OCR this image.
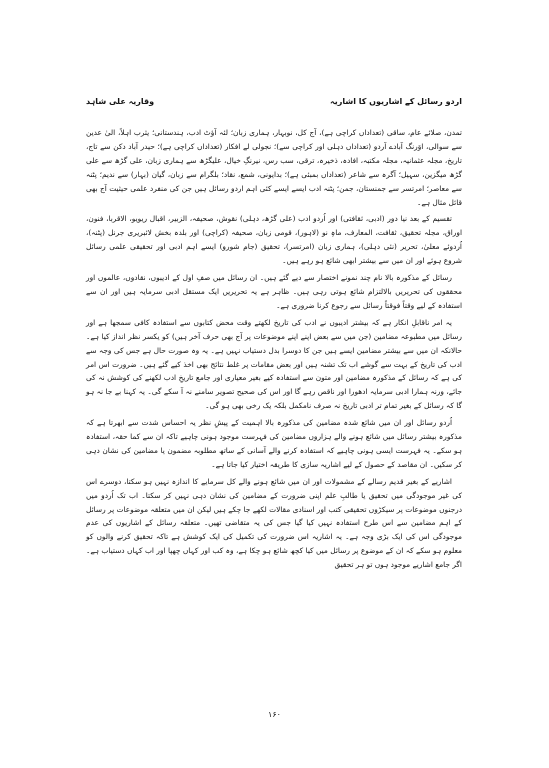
وقاریہ علی شاہد	اردو رسائل کے اشاریوں کا اشاریہ

تمدن، صلائے عام، ساقی (تعداداں کراچی ہے)، آج کل، نوبہار، ہماری زبان؛ لئہ آؤٹ ادب، ہندستانی؛ یثرب اہلاً، الیٰ عدین سے سوالی، اوَرنگ آبادے آردو (تعداداں دہلی اور کراچی سے)؛ نجولی لے افکار (تعداداں کراچی ہے)؛ حیدر آباد دکن سے تاج، تاریخ، مجلہ عثمانیہ، مجلہ مکتبہ، افادہ، ذخیرہ، ترقی، سب رس، نیرنگِ خیال، علیگڑھ سے ہماری زبان، علی گڑھ سے علی گڑھ میگزین، سہیل؛ آگرہ سے شاعر (تعداداں بمبئی ہے)؛ بدایونی، شمع، نقاد؛ بلگرام سے زبان، گیان (بہار) سے ندیم؛ پٹنہ سے معاصر؛ امرتسر سے جمنستان، جمن؛ پٹنہ ادب ایسے ایسے کئی اہم اردو رسائل ہیں جن کی منفرد علمی حیثیت آج بھی قائل مثال ہے۔

تقسیم کے بعد نیا دور (ادبی، ثقافتی) اور اُردو ادب (علی گڑھ، دہلی) نقوش، صحیفہ، الزبیر، اقبال ریویو، الاقربا، فنون، اوراق، مجلہ تحقیق، ثقافت، المعارف، ماہِ نو (لاہور)، قومی زبان، صحیفہ (کراچی) اور بلدہ بخش لائبریری جرنل (پٹنہ)، اُردوئے معلیٰ، تحریر (نئی دہلی)، ہماری زبان (امرتسر)، تحقیق (جام شورو) ایسے اہم ادبی اور تحقیقی علمی رسائل شروع ہوئے اور ان میں سے بیشتر ابھی شائع ہو رہے ہیں۔

رسائل کے مذکورہ بالا نام چند نمونے اختصار سے دیے گئے ہیں۔ ان رسائل میں صفِ اول کے ادیبوں، نقادوں، عالموں اور محققوں کی تحریریں بالالتزام شائع ہوتی رہی ہیں۔ ظاہر ہے یہ تحریریں ایک مستقل ادبی سرمایہ ہیں اور ان سے استفادہ کے لیے وقتاً فوقتاً رسائل سے رجوع کرنا ضروری ہے۔

یہ امر ناقابلِ انکار ہے کہ بیشتر ادیبوں نے ادب کی تاریخ لکھتے وقت محض کتابوں سے استفادہ کافی سمجھا ہے اور رسائل میں مطبوعہ مضامین (جن میں سے بعض اپنے اپنے موضوعات پر آج بھی حرف آخر ہیں) کو یکسر نظر انداز کیا ہے۔ حالانکہ ان میں سے بیشتر مضامین ایسے ہیں جن کا دوسرا بدل دستیاب نہیں ہے۔ یہ وہ صورت حال ہے جس کی وجہ سے ادب کی تاریخ کے بہت سے گوشے اب تک تشنہ ہیں اور بعض مقامات پر غلط نتائج بھی اخذ کیے گئے ہیں۔ ضرورت اس امر کی ہے کہ رسائل کے مذکورہ مضامین اور متون سے استفادہ کیے بغیر معیاری اور جامع تاریخِ ادب لکھنے کی کوشش نہ کی جائے، ورنہ ہمارا ادبی سرمایہ ادھورا اور ناقص رہے گا اور اس کی صحیح تصویر سامنے نہ آ سکے گی۔ یہ کہنا بے جا نہ ہو گا کہ رسائل کے بغیر تمام تر ادبی تاریخ نہ صرف نامکمل بلکہ یک رخی بھی ہو گی۔

اُردو رسائل اور ان میں شائع شدہ مضامین کی مذکورہ بالا اہمیت کے پیشِ نظر یہ احساس شدت سے ابھرتا ہے کہ مذکورہ بیشتر رسائل میں شائع ہونے والے ہزاروں مضامین کی فہرست موجود ہونی چاہیے تاکہ ان سے کما حقہ، استفادہ ہو سکے۔ یہ فہرست ایسی ہونی چاہیے کہ استفادہ کرنے والے آسانی کے ساتھ مطلوبہ مضمون یا مضامین کی نشان دہی کر سکیں۔ ان مقاصد کے حصول کے لیے اشاریہ سازی کا طریقہ اختیار کیا جاتا ہے۔

اشاریے کے بغیر قدیم رسالے کے مشمولات اور ان میں شائع ہونے والے کل سرمایے کا اندازہ نہیں ہو سکتا، دوسرے اس کی غیر موجودگی میں تحقیق یا طالبِ علم اپنی ضرورت کے مضامین کی نشان دہی نہیں کر سکتا۔ اب تک اُردو میں درجنوں موضوعات پر سیکڑوں تحقیقی کتب اور اسنادی مقالات لکھے جا چکے ہیں لیکن ان میں متعلقہ موضوعات پر رسائل کے اہم مضامین سے اس طرح استفادہ نہیں کیا گیا جس کی یہ متقاضی تھیں۔ متعلقہ رسائل کے اشاریوں کی عدم موجودگی اس کی ایک بڑی وجہ ہے۔ یہ اشاریہ اس ضرورت کی تکمیل کی ایک کوشش ہے تاکہ تحقیق کرنے والوں کو معلوم ہو سکے کہ ان کے موضوع پر رسائل میں کیا کچھ شائع ہو چکا ہے، وہ کب اور کہاں چھپا اور اب کہاں دستیاب ہے۔ اگر جامع اشاریے موجود ہوں تو ہر تحقیق

۱۶۰
